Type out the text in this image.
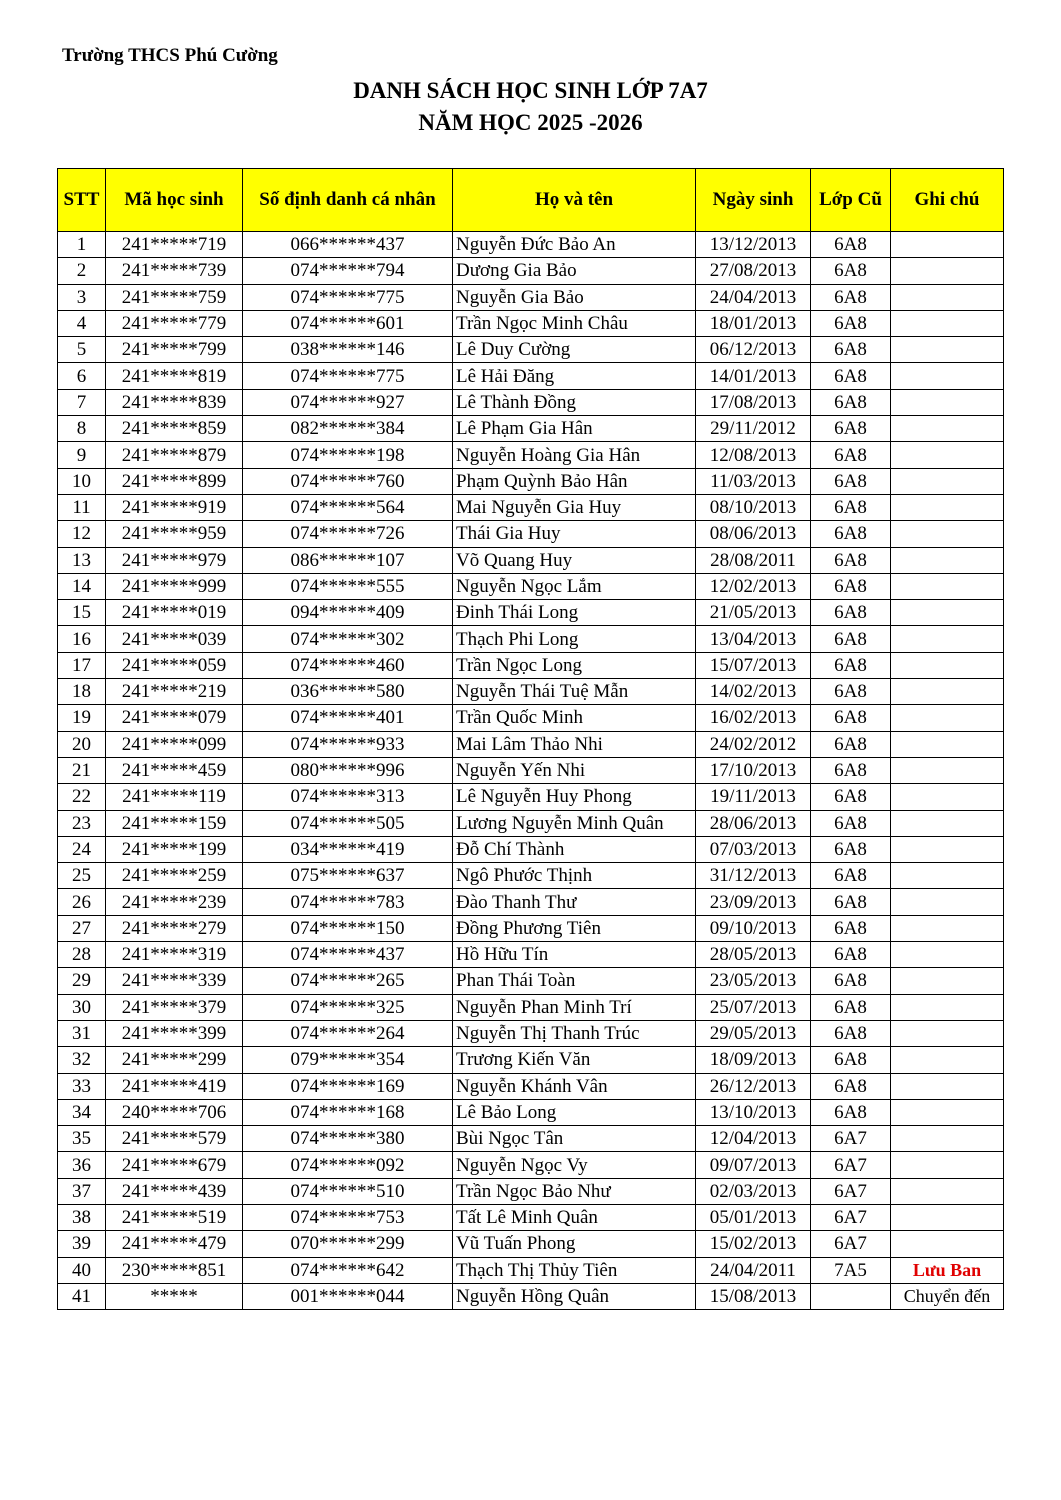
Trường THCS Phú Cường
DANH SÁCH HỌC SINH LỚP 7A7
NĂM HỌC 2025 -2026
STT	Mã học sinh	Số định danh cá nhân	Họ và tên	Ngày sinh	Lớp Cũ	Ghi chú
1	241*****719	066******437	Nguyễn Đức Bảo An	13/12/2013	6A8	
2	241*****739	074******794	Dương Gia Bảo	27/08/2013	6A8	
3	241*****759	074******775	Nguyễn Gia Bảo	24/04/2013	6A8	
4	241*****779	074******601	Trần Ngọc Minh Châu	18/01/2013	6A8	
5	241*****799	038******146	Lê Duy Cường	06/12/2013	6A8	
6	241*****819	074******775	Lê Hải Đăng	14/01/2013	6A8	
7	241*****839	074******927	Lê Thành Đồng	17/08/2013	6A8	
8	241*****859	082******384	Lê Phạm Gia Hân	29/11/2012	6A8	
9	241*****879	074******198	Nguyễn Hoàng Gia Hân	12/08/2013	6A8	
10	241*****899	074******760	Phạm Quỳnh Bảo Hân	11/03/2013	6A8	
11	241*****919	074******564	Mai Nguyễn Gia Huy	08/10/2013	6A8	
12	241*****959	074******726	Thái Gia Huy	08/06/2013	6A8	
13	241*****979	086******107	Võ Quang Huy	28/08/2011	6A8	
14	241*****999	074******555	Nguyễn Ngọc Lắm	12/02/2013	6A8	
15	241*****019	094******409	Đinh Thái Long	21/05/2013	6A8	
16	241*****039	074******302	Thạch Phi Long	13/04/2013	6A8	
17	241*****059	074******460	Trần Ngọc Long	15/07/2013	6A8	
18	241*****219	036******580	Nguyễn Thái Tuệ Mẫn	14/02/2013	6A8	
19	241*****079	074******401	Trần Quốc Minh	16/02/2013	6A8	
20	241*****099	074******933	Mai Lâm Thảo Nhi	24/02/2012	6A8	
21	241*****459	080******996	Nguyễn Yến Nhi	17/10/2013	6A8	
22	241*****119	074******313	Lê Nguyễn Huy Phong	19/11/2013	6A8	
23	241*****159	074******505	Lương Nguyễn Minh Quân	28/06/2013	6A8	
24	241*****199	034******419	Đỗ Chí Thành	07/03/2013	6A8	
25	241*****259	075******637	Ngô Phước Thịnh	31/12/2013	6A8	
26	241*****239	074******783	Đào Thanh Thư	23/09/2013	6A8	
27	241*****279	074******150	Đồng Phương Tiên	09/10/2013	6A8	
28	241*****319	074******437	Hồ Hữu Tín	28/05/2013	6A8	
29	241*****339	074******265	Phan Thái Toàn	23/05/2013	6A8	
30	241*****379	074******325	Nguyễn Phan Minh Trí	25/07/2013	6A8	
31	241*****399	074******264	Nguyễn Thị Thanh Trúc	29/05/2013	6A8	
32	241*****299	079******354	Trương Kiến Văn	18/09/2013	6A8	
33	241*****419	074******169	Nguyễn Khánh Vân	26/12/2013	6A8	
34	240*****706	074******168	Lê Bảo Long	13/10/2013	6A8	
35	241*****579	074******380	Bùi Ngọc Tân	12/04/2013	6A7	
36	241*****679	074******092	Nguyễn Ngọc Vy	09/07/2013	6A7	
37	241*****439	074******510	Trần Ngọc Bảo Như	02/03/2013	6A7	
38	241*****519	074******753	Tất Lê Minh Quân	05/01/2013	6A7	
39	241*****479	070******299	Vũ Tuấn Phong	15/02/2013	6A7	
40	230*****851	074******642	Thạch Thị Thủy Tiên	24/04/2011	7A5	Lưu Ban
41	*****	001******044	Nguyễn Hồng Quân	15/08/2013		Chuyển đến
